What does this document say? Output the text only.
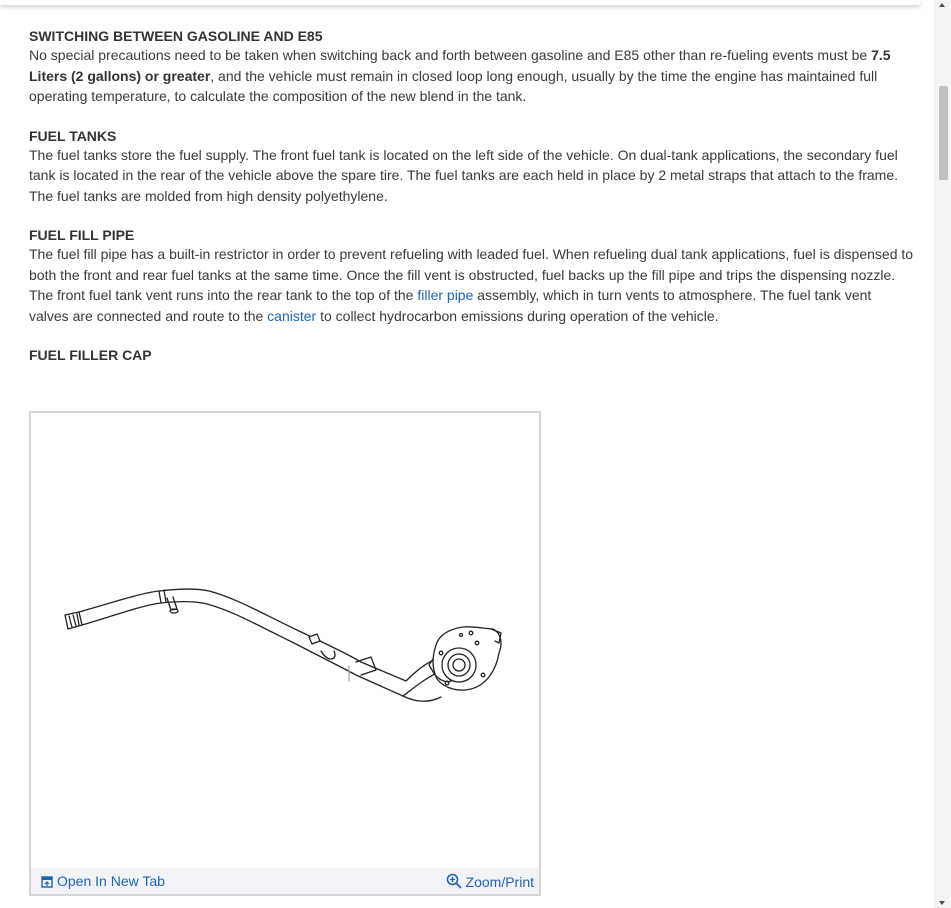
SWITCHING BETWEEN GASOLINE AND E85

No special precautions need to be taken when switching back and forth between gasoline and E85 other than re-fueling events must be 7.5 Liters (2 gallons) or greater, and the vehicle must remain in closed loop long enough, usually by the time the engine has maintained full operating temperature, to calculate the composition of the new blend in the tank.

FUEL TANKS

The fuel tanks store the fuel supply. The front fuel tank is located on the left side of the vehicle. On dual-tank applications, the secondary fuel tank is located in the rear of the vehicle above the spare tire. The fuel tanks are each held in place by 2 metal straps that attach to the frame. The fuel tanks are molded from high density polyethylene.

FUEL FILL PIPE

The fuel fill pipe has a built-in restrictor in order to prevent refueling with leaded fuel. When refueling dual tank applications, fuel is dispensed to both the front and rear fuel tanks at the same time. Once the fill vent is obstructed, fuel backs up the fill pipe and trips the dispensing nozzle. The front fuel tank vent runs into the rear tank to the top of the filler pipe assembly, which in turn vents to atmosphere. The fuel tank vent valves are connected and route to the canister to collect hydrocarbon emissions during operation of the vehicle.

FUEL FILLER CAP
Open In New Tab	Zoom/Print
